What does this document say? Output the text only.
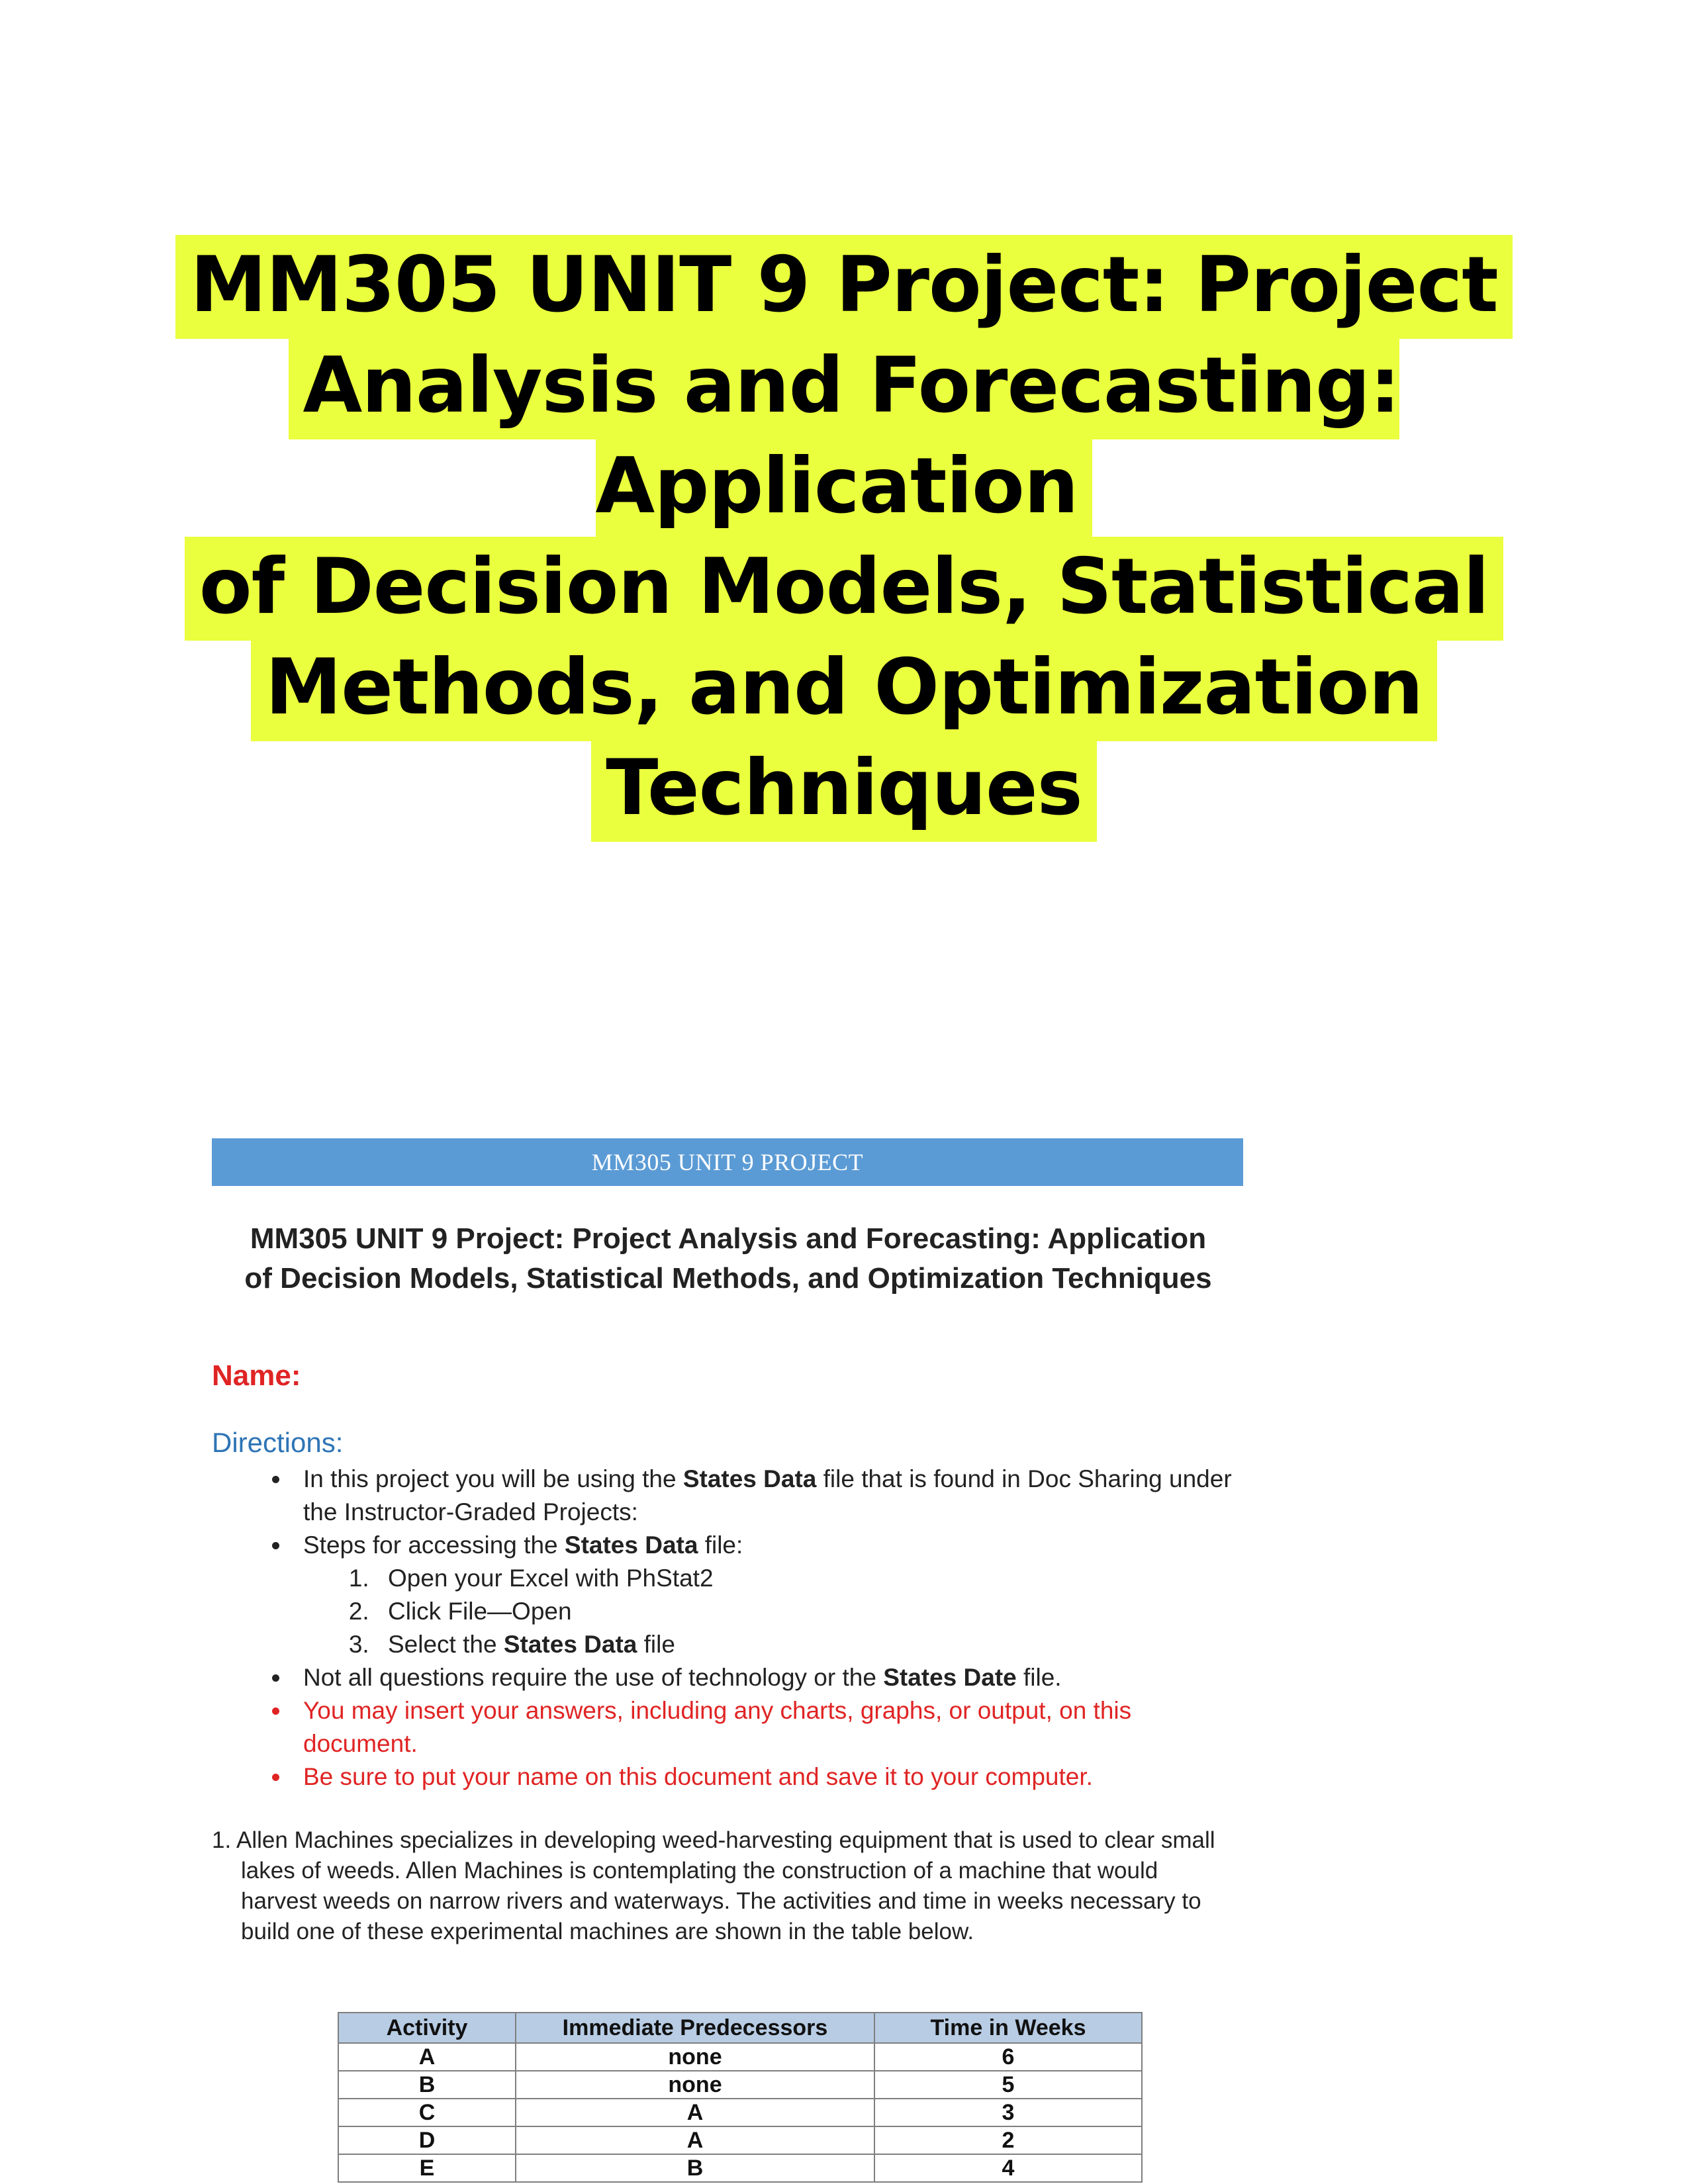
MM305 UNIT 9 Project: Project
Analysis and Forecasting: Application
of Decision Models, Statistical
Methods, and Optimization
Techniques
MM305 UNIT 9 PROJECT
MM305 UNIT 9 Project: Project Analysis and Forecasting: Application
of Decision Models, Statistical Methods, and Optimization Techniques
Name:
Directions:
• In this project you will be using the States Data file that is found in Doc Sharing under the Instructor-Graded Projects:
• Steps for accessing the States Data file:
1. Open your Excel with PhStat2
2. Click File—Open
3. Select the States Data file
• Not all questions require the use of technology or the States Date file.
• You may insert your answers, including any charts, graphs, or output, on this document.
• Be sure to put your name on this document and save it to your computer.
1. Allen Machines specializes in developing weed-harvesting equipment that is used to clear small lakes of weeds. Allen Machines is contemplating the construction of a machine that would harvest weeds on narrow rivers and waterways. The activities and time in weeks necessary to build one of these experimental machines are shown in the table below.
Activity	Immediate Predecessors	Time in Weeks
A	none	6
B	none	5
C	A	3
D	A	2
E	B	4
